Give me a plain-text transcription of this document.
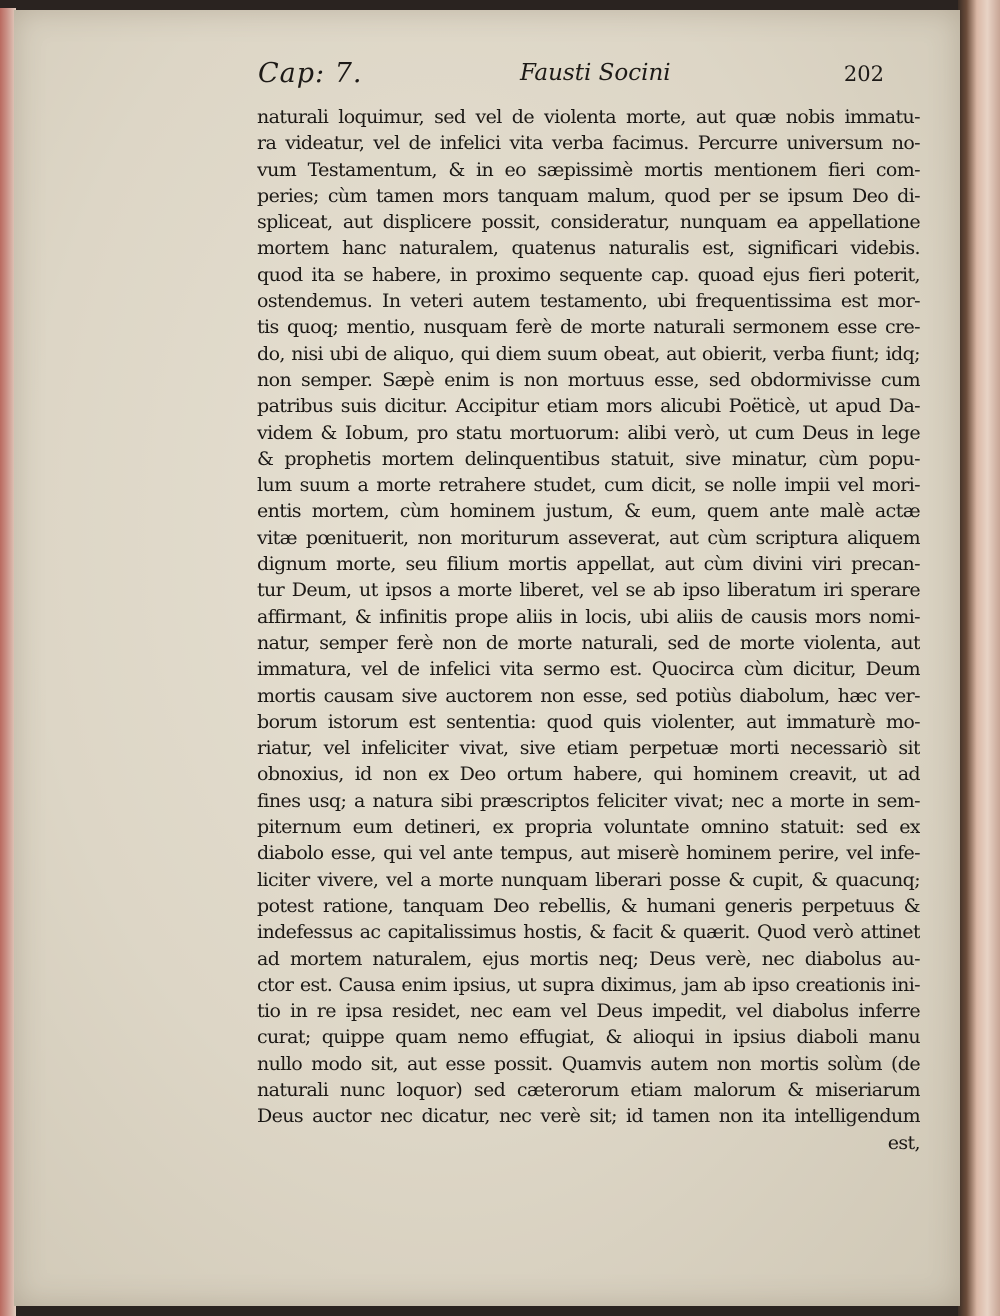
Cap: 7.	Fausti Socini	202
naturali loquimur, sed vel de violenta morte, aut quæ nobis immatu-
ra videatur, vel de infelici vita verba facimus. Percurre universum no-
vum Testamentum, & in eo sæpissimè mortis mentionem fieri com-
peries; cùm tamen mors tanquam malum, quod per se ipsum Deo di-
spliceat, aut displicere possit, consideratur, nunquam ea appellatione
mortem hanc naturalem, quatenus naturalis est, significari videbis.
quod ita se habere, in proximo sequente cap. quoad ejus fieri poterit,
ostendemus. In veteri autem testamento, ubi frequentissima est mor-
tis quoq; mentio, nusquam ferè de morte naturali sermonem esse cre-
do, nisi ubi de aliquo, qui diem suum obeat, aut obierit, verba fiunt; idq;
non semper. Sæpè enim is non mortuus esse, sed obdormivisse cum
patribus suis dicitur. Accipitur etiam mors alicubi Poëticè, ut apud Da-
videm & Iobum, pro statu mortuorum: alibi verò, ut cum Deus in lege
& prophetis mortem delinquentibus statuit, sive minatur, cùm popu-
lum suum a morte retrahere studet, cum dicit, se nolle impii vel mori-
entis mortem, cùm hominem justum, & eum, quem ante malè actæ
vitæ pœnituerit, non moriturum asseverat, aut cùm scriptura aliquem
dignum morte, seu filium mortis appellat, aut cùm divini viri precan-
tur Deum, ut ipsos a morte liberet, vel se ab ipso liberatum iri sperare
affirmant, & infinitis prope aliis in locis, ubi aliis de causis mors nomi-
natur, semper ferè non de morte naturali, sed de morte violenta, aut
immatura, vel de infelici vita sermo est. Quocirca cùm dicitur, Deum
mortis causam sive auctorem non esse, sed potiùs diabolum, hæc ver-
borum istorum est sententia: quod quis violenter, aut immaturè mo-
riatur, vel infeliciter vivat, sive etiam perpetuæ morti necessariò sit
obnoxius, id non ex Deo ortum habere, qui hominem creavit, ut ad
fines usq; a natura sibi præscriptos feliciter vivat; nec a morte in sem-
piternum eum detineri, ex propria voluntate omnino statuit: sed ex
diabolo esse, qui vel ante tempus, aut miserè hominem perire, vel infe-
liciter vivere, vel a morte nunquam liberari posse & cupit, & quacunq;
potest ratione, tanquam Deo rebellis, & humani generis perpetuus &
indefessus ac capitalissimus hostis, & facit & quærit. Quod verò attinet
ad mortem naturalem, ejus mortis neq; Deus verè, nec diabolus au-
ctor est. Causa enim ipsius, ut supra diximus, jam ab ipso creationis ini-
tio in re ipsa residet, nec eam vel Deus impedit, vel diabolus inferre
curat; quippe quam nemo effugiat, & alioqui in ipsius diaboli manu
nullo modo sit, aut esse possit. Quamvis autem non mortis solùm (de
naturali nunc loquor) sed cæterorum etiam malorum & miseriarum
Deus auctor nec dicatur, nec verè sit; id tamen non ita intelligendum
est,
